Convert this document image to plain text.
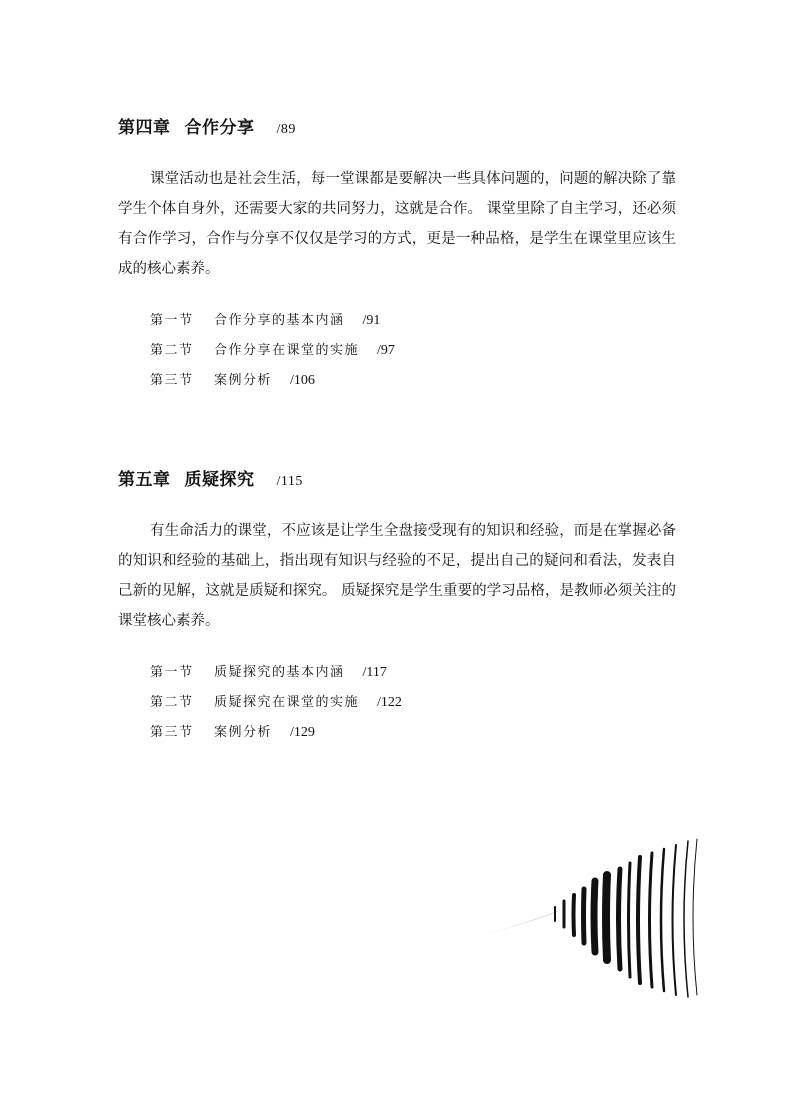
第四章 合作分享 /89

课堂活动也是社会生活，每一堂课都是要解决一些具体问题的，问题的解决除了靠学生个体自身外，还需要大家的共同努力，这就是合作。 课堂里除了自主学习，还必须有合作学习，合作与分享不仅仅是学习的方式，更是一种品格，是学生在课堂里应该生成的核心素养。

第一节 合作分享的基本内涵 /91
第二节 合作分享在课堂的实施 /97
第三节 案例分析 /106
第五章 质疑探究 /115

有生命活力的课堂，不应该是让学生全盘接受现有的知识和经验，而是在掌握必备的知识和经验的基础上，指出现有知识与经验的不足，提出自己的疑问和看法，发表自己新的见解，这就是质疑和探究。 质疑探究是学生重要的学习品格，是教师必须关注的课堂核心素养。

第一节 质疑探究的基本内涵 /117
第二节 质疑探究在课堂的实施 /122
第三节 案例分析 /129
